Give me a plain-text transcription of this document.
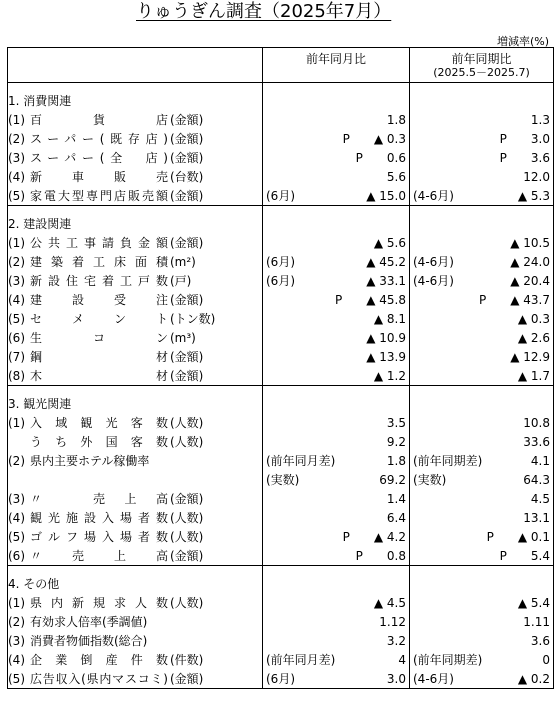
りゅうぎん調査（2025年7月）
増減率(%)

	前年同月比	前年同期比
(2025.5－2025.7)

1. 消費関連		

(1) 百　　貨　　店 (金額)	1.8	1.3

(2) スーパー(既存店) (金額)	P ▲ 0.3	P 3.0

(3) スーパー(全　店) (金額)	P 0.6	P 3.6

(4) 新　車　販　売 (台数)	5.6	12.0

(5) 家電大型専門店販売額 (金額)	(6月) ▲ 15.0	(4-6月) ▲ 5.3

2. 建設関連		

(1) 公共工事請負金額 (金額)	▲ 5.6	▲ 10.5

(2) 建築着工床面積 (m²)	(6月) ▲ 45.2	(4-6月) ▲ 24.0

(3) 新設住宅着工戸数 (戸)	(6月) ▲ 33.1	(4-6月) ▲ 20.4

(4) 建　設　受　注 (金額)	P ▲ 45.8	P ▲ 43.7

(5) セ　メ　ン　ト (トン数)	▲ 8.1	▲ 0.3

(6) 生　コ　ン (m³)	▲ 10.9	▲ 2.6

(7) 鋼　　　材 (金額)	▲ 13.9	▲ 12.9

(8) 木　　　材 (金額)	▲ 1.2	▲ 1.7

3. 観光関連		

(1) 入域観光客数 (人数)	3.5	10.8

うち外国客数 (人数)	9.2	33.6

(2) 県内主要ホテル稼働率	(前年同月差) 1.8	(前年同期差) 4.1

	(実数) 69.2	(実数) 64.3

(3) 〃　売上高 (金額)	1.4	4.5

(4) 観光施設入場者数 (人数)	6.4	13.1

(5) ゴルフ場入場者数 (人数)	P ▲ 4.2	P ▲ 0.1

(6) 〃　売　上　高 (金額)	P 0.8	P 5.4

4. その他		

(1) 県内新規求人数 (人数)	▲ 4.5	▲ 5.4

(2) 有効求人倍率(季調値)	1.12	1.11

(3) 消費者物価指数(総合)	3.2	3.6

(4) 企業倒産件数 (件数)	(前年同月差) 4	(前年同期差) 0

(5) 広告収入(県内マスコミ) (金額)	(6月) 3.0	(4-6月) ▲ 0.2
